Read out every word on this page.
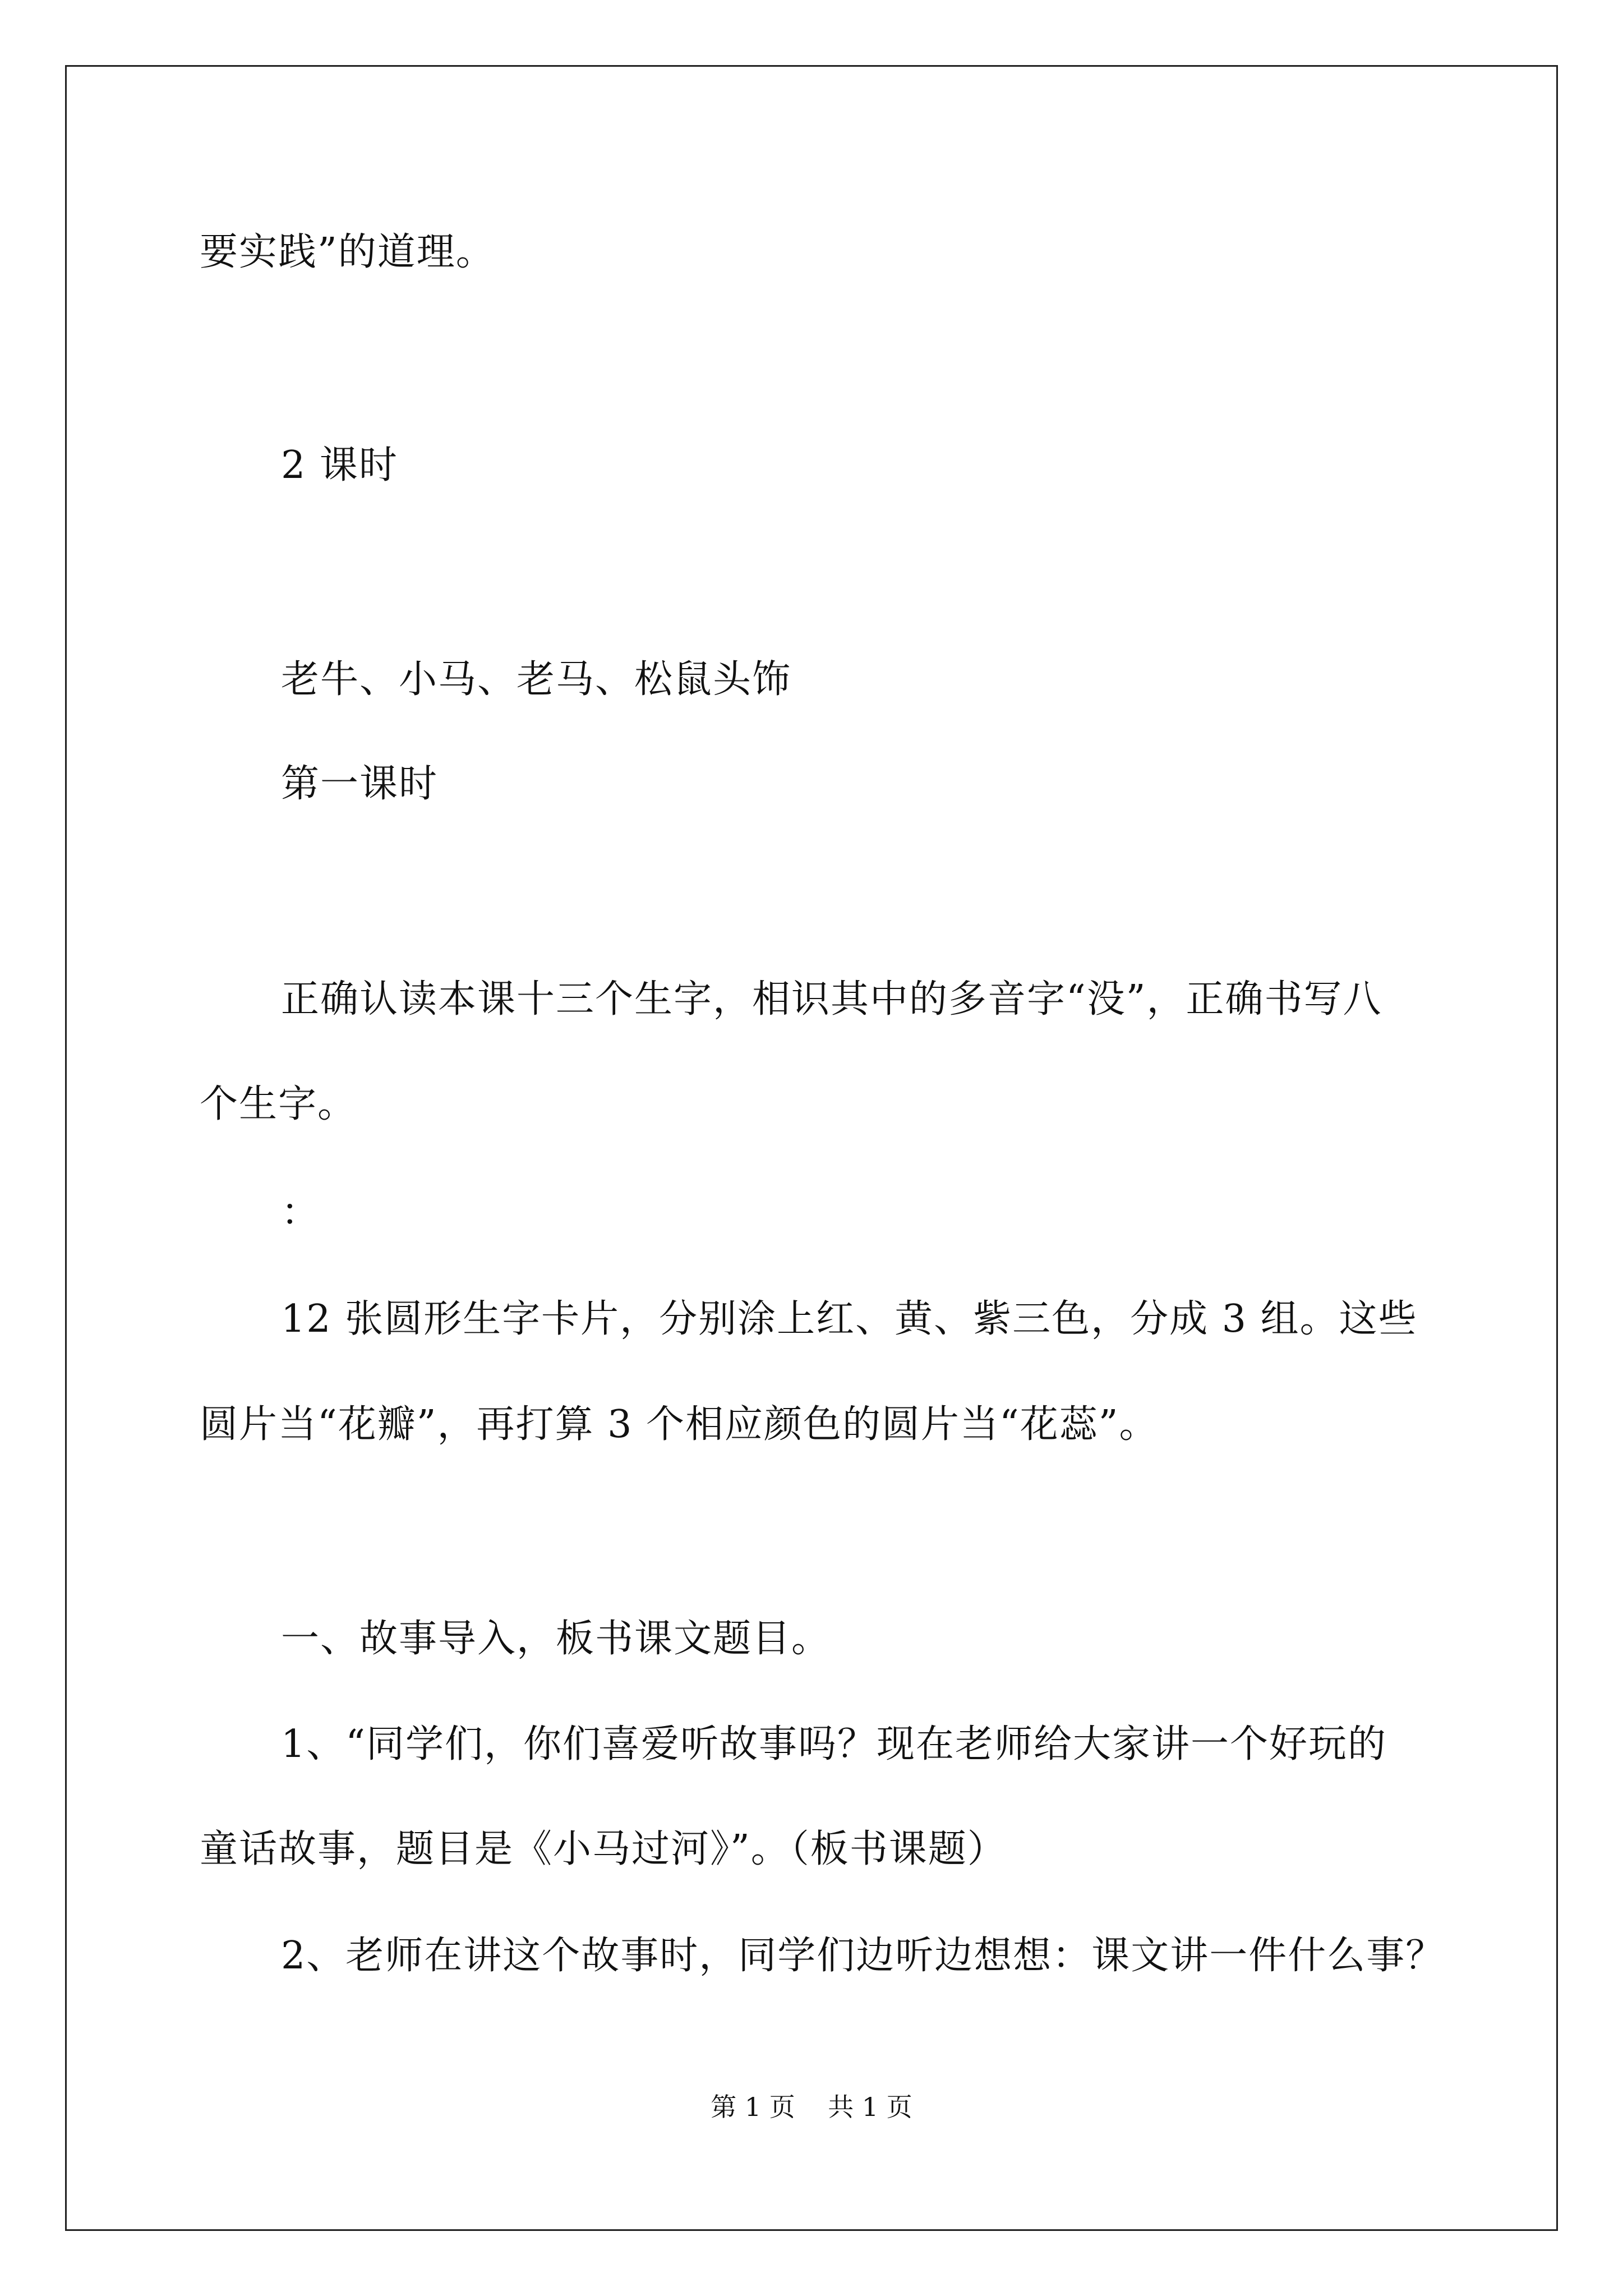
要实践”的道理。
2 课时
老牛、小马、老马、松鼠头饰
第一课时
正确认读本课十三个生字，相识其中的多音字“没”，正确书写八
个生字。
：
12 张圆形生字卡片，分别涂上红、黄、紫三色，分成 3 组。这些
圆片当“花瓣”，再打算 3 个相应颜色的圆片当“花蕊”。
一、故事导入，板书课文题目。
1、“同学们，你们喜爱听故事吗？现在老师给大家讲一个好玩的
童话故事，题目是《小马过河》”。（板书课题）
2、老师在讲这个故事时，同学们边听边想想：课文讲一件什么事？
第 1 页    共 1 页
